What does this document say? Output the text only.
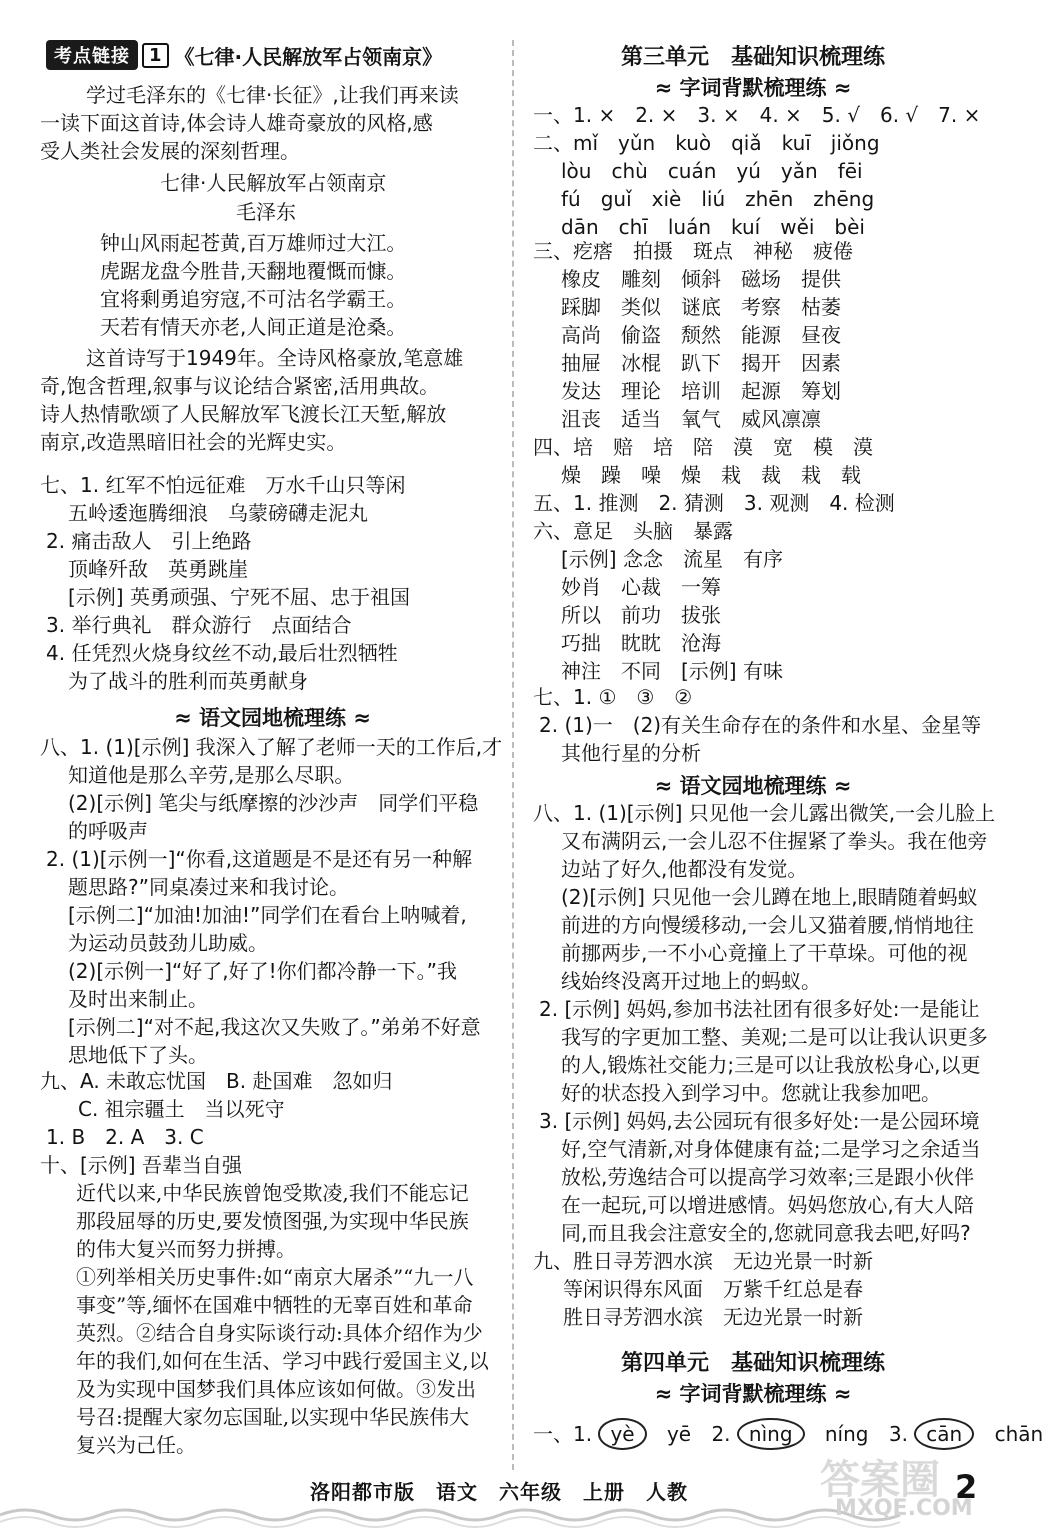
考点链接	1 《七律·人民解放军占领南京》
学过毛泽东的《七律·长征》,让我们再来读
一读下面这首诗,体会诗人雄奇豪放的风格,感
受人类社会发展的深刻哲理。
七律·人民解放军占领南京
毛泽东
钟山风雨起苍黄,百万雄师过大江。
虎踞龙盘今胜昔,天翻地覆慨而慷。
宜将剩勇追穷寇,不可沽名学霸王。
天若有情天亦老,人间正道是沧桑。
这首诗写于1949年。全诗风格豪放,笔意雄
奇,饱含哲理,叙事与议论结合紧密,活用典故。
诗人热情歌颂了人民解放军飞渡长江天堑,解放
南京,改造黑暗旧社会的光辉史实。
七、1. 红军不怕远征难　万水千山只等闲
五岭逶迤腾细浪　乌蒙磅礴走泥丸
2. 痛击敌人　引上绝路
顶峰歼敌　英勇跳崖
[示例] 英勇顽强、宁死不屈、忠于祖国
3. 举行典礼　群众游行　点面结合
4. 任凭烈火烧身纹丝不动,最后壮烈牺牲
为了战斗的胜利而英勇献身
≈ 语文园地梳理练 ≈
八、1. (1)[示例] 我深入了解了老师一天的工作后,才
知道他是那么辛劳,是那么尽职。
(2)[示例] 笔尖与纸摩擦的沙沙声　同学们平稳
的呼吸声
2. (1)[示例一]“你看,这道题是不是还有另一种解
题思路?”同桌凑过来和我讨论。
[示例二]“加油!加油!”同学们在看台上呐喊着,
为运动员鼓劲儿助威。
(2)[示例一]“好了,好了!你们都冷静一下。”我
及时出来制止。
[示例二]“对不起,我这次又失败了。”弟弟不好意
思地低下了头。
九、A. 未敢忘忧国　B. 赴国难　忽如归
C. 祖宗疆土　当以死守
1. B　2. A　3. C
十、[示例] 吾辈当自强
近代以来,中华民族曾饱受欺凌,我们不能忘记
那段屈辱的历史,要发愤图强,为实现中华民族
的伟大复兴而努力拼搏。
①列举相关历史事件:如“南京大屠杀”“九一八
事变”等,缅怀在国难中牺牲的无辜百姓和革命
英烈。②结合自身实际谈行动:具体介绍作为少
年的我们,如何在生活、学习中践行爱国主义,以
及为实现中国梦我们具体应该如何做。③发出
号召:提醒大家勿忘国耻,以实现中华民族伟大
复兴为己任。
第三单元　基础知识梳理练
≈ 字词背默梳理练 ≈
一、1. ×　2. ×　3. ×　4. ×　5. √　6. √　7. ×
二、mǐ　yǔn　kuò　qiǎ　kuī　jiǒng
lòu　chù　cuán　yú　yǎn　fēi
fú　guǐ　xiè　liú　zhēn　zhēng
dān　chī　luán　kuí　wěi　bèi
三、疙瘩　拍摄　斑点　神秘　疲倦
橡皮　雕刻　倾斜　磁场　提供
踩脚　类似　谜底　考察　枯萎
高尚　偷盗　颓然　能源　昼夜
抽屉　冰棍　趴下　揭开　因素
发达　理论　培训　起源　筹划
沮丧　适当　氧气　威风凛凛
四、培　赔　培　陪　漠　宽　模　漠
燥　躁　噪　燥　栽　裁　栽　载
五、1. 推测　2. 猜测　3. 观测　4. 检测
六、意足　头脑　暴露
[示例] 念念　流星　有序
妙肖　心裁　一筹
所以　前功　拔张
巧拙　眈眈　沧海
神注　不同　[示例] 有味
七、1. ①　③　②
2. (1)一　(2)有关生命存在的条件和水星、金星等
其他行星的分析
≈ 语文园地梳理练 ≈
八、1. (1)[示例] 只见他一会儿露出微笑,一会儿脸上
又布满阴云,一会儿忍不住握紧了拳头。我在他旁
边站了好久,他都没有发觉。
(2)[示例] 只见他一会儿蹲在地上,眼睛随着蚂蚁
前进的方向慢缓移动,一会儿又猫着腰,悄悄地往
前挪两步,一不小心竟撞上了干草垛。可他的视
线始终没离开过地上的蚂蚁。
2. [示例] 妈妈,参加书法社团有很多好处:一是能让
我写的字更加工整、美观;二是可以让我认识更多
的人,锻炼社交能力;三是可以让我放松身心,以更
好的状态投入到学习中。您就让我参加吧。
3. [示例] 妈妈,去公园玩有很多好处:一是公园环境
好,空气清新,对身体健康有益;二是学习之余适当
放松,劳逸结合可以提高学习效率;三是跟小伙伴
在一起玩,可以增进感情。妈妈您放心,有大人陪
同,而且我会注意安全的,您就同意我去吧,好吗?
九、胜日寻芳泗水滨　无边光景一时新
等闲识得东风面　万紫千红总是春
胜日寻芳泗水滨　无边光景一时新
第四单元　基础知识梳理练
≈ 字词背默梳理练 ≈
一、1. yè yē 2. nìng níng 3. cān chān
洛阳都市版　语文　六年级　上册　人教	答案圈
MXQE.COM
2
